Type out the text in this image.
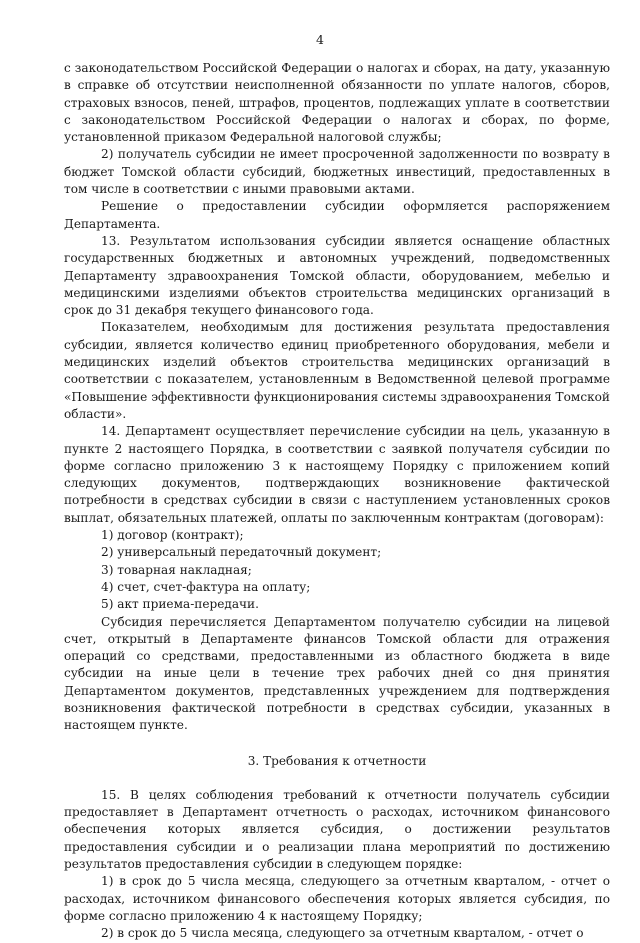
4

с законодательством Российской Федерации о налогах и сборах, на дату, указанную в справке об отсутствии неисполненной обязанности по уплате налогов, сборов, страховых взносов, пеней, штрафов, процентов, подлежащих уплате в соответствии с законодательством Российской Федерации о налогах и сборах, по форме, установленной приказом Федеральной налоговой службы;

2) получатель субсидии не имеет просроченной задолженности по возврату в бюджет Томской области субсидий, бюджетных инвестиций, предоставленных в том числе в соответствии с иными правовыми актами.

Решение о предоставлении субсидии оформляется распоряжением Департамента.

13. Результатом использования субсидии является оснащение областных государственных бюджетных и автономных учреждений, подведомственных Департаменту здравоохранения Томской области, оборудованием, мебелью и медицинскими изделиями объектов строительства медицинских организаций в срок до 31 декабря текущего финансового года.

Показателем, необходимым для достижения результата предоставления субсидии, является количество единиц приобретенного оборудования, мебели и медицинских изделий объектов строительства медицинских организаций в соответствии с показателем, установленным в Ведомственной целевой программе «Повышение эффективности функционирования системы здравоохранения Томской области».

14. Департамент осуществляет перечисление субсидии на цель, указанную в пункте 2 настоящего Порядка, в соответствии с заявкой получателя субсидии по форме согласно приложению 3 к настоящему Порядку с приложением копий следующих документов, подтверждающих возникновение фактической потребности в средствах субсидии в связи с наступлением установленных сроков выплат, обязательных платежей, оплаты по заключенным контрактам (договорам):

1) договор (контракт);

2) универсальный передаточный документ;

3) товарная накладная;

4) счет, счет-фактура на оплату;

5) акт приема-передачи.

Субсидия перечисляется Департаментом получателю субсидии на лицевой счет, открытый в Департаменте финансов Томской области для отражения операций со средствами, предоставленными из областного бюджета в виде субсидии на иные цели в течение трех рабочих дней со дня принятия Департаментом документов, представленных учреждением для подтверждения возникновения фактической потребности в средствах субсидии, указанных в настоящем пункте.

3. Требования к отчетности

15. В целях соблюдения требований к отчетности получатель субсидии предоставляет в Департамент отчетность о расходах, источником финансового обеспечения которых является субсидия, о достижении результатов предоставления субсидии и о реализации плана мероприятий по достижению результатов предоставления субсидии в следующем порядке:

1) в срок до 5 числа месяца, следующего за отчетным кварталом, - отчет о расходах, источником финансового обеспечения которых является субсидия, по форме согласно приложению 4 к настоящему Порядку;

2) в срок до 5 числа месяца, следующего за отчетным кварталом, - отчет о
